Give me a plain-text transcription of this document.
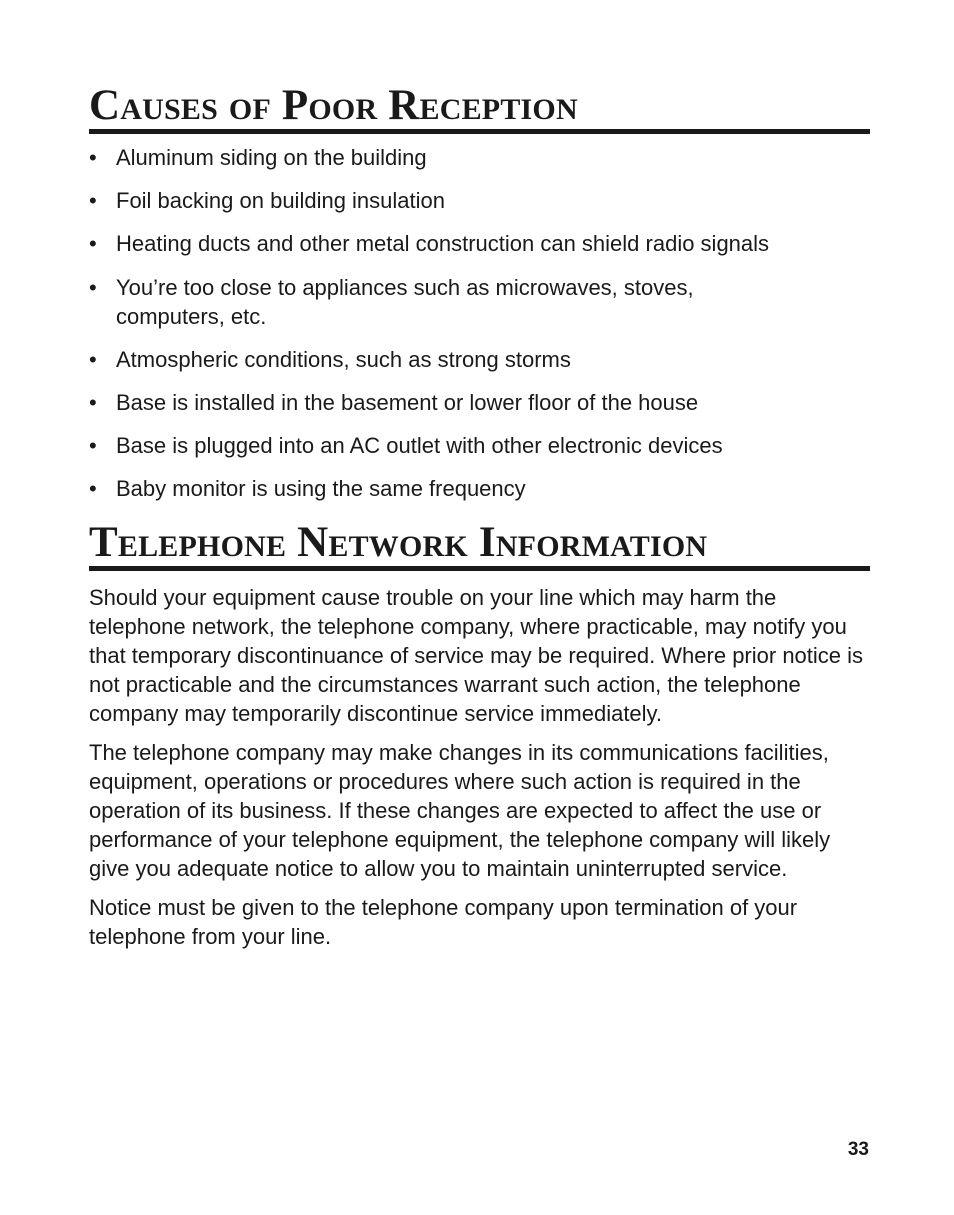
Causes of Poor Reception
• Aluminum siding on the building
• Foil backing on building insulation
• Heating ducts and other metal construction can shield radio signals
• You’re too close to appliances such as microwaves, stoves, computers, etc.
• Atmospheric conditions, such as strong storms
• Base is installed in the basement or lower floor of the house
• Base is plugged into an AC outlet with other electronic devices
• Baby monitor is using the same frequency
Telephone Network Information

Should your equipment cause trouble on your line which may harm the telephone network, the telephone company, where practicable, may notify you that temporary discontinuance of service may be required. Where prior notice is not practicable and the circumstances warrant such action, the telephone company may temporarily discontinue service immediately.

The telephone company may make changes in its communications facilities, equipment, operations or procedures where such action is required in the operation of its business. If these changes are expected to affect the use or performance of your telephone equipment, the telephone company will likely give you adequate notice to allow you to maintain uninterrupted service.

Notice must be given to the telephone company upon termination of your telephone from your line.

33
